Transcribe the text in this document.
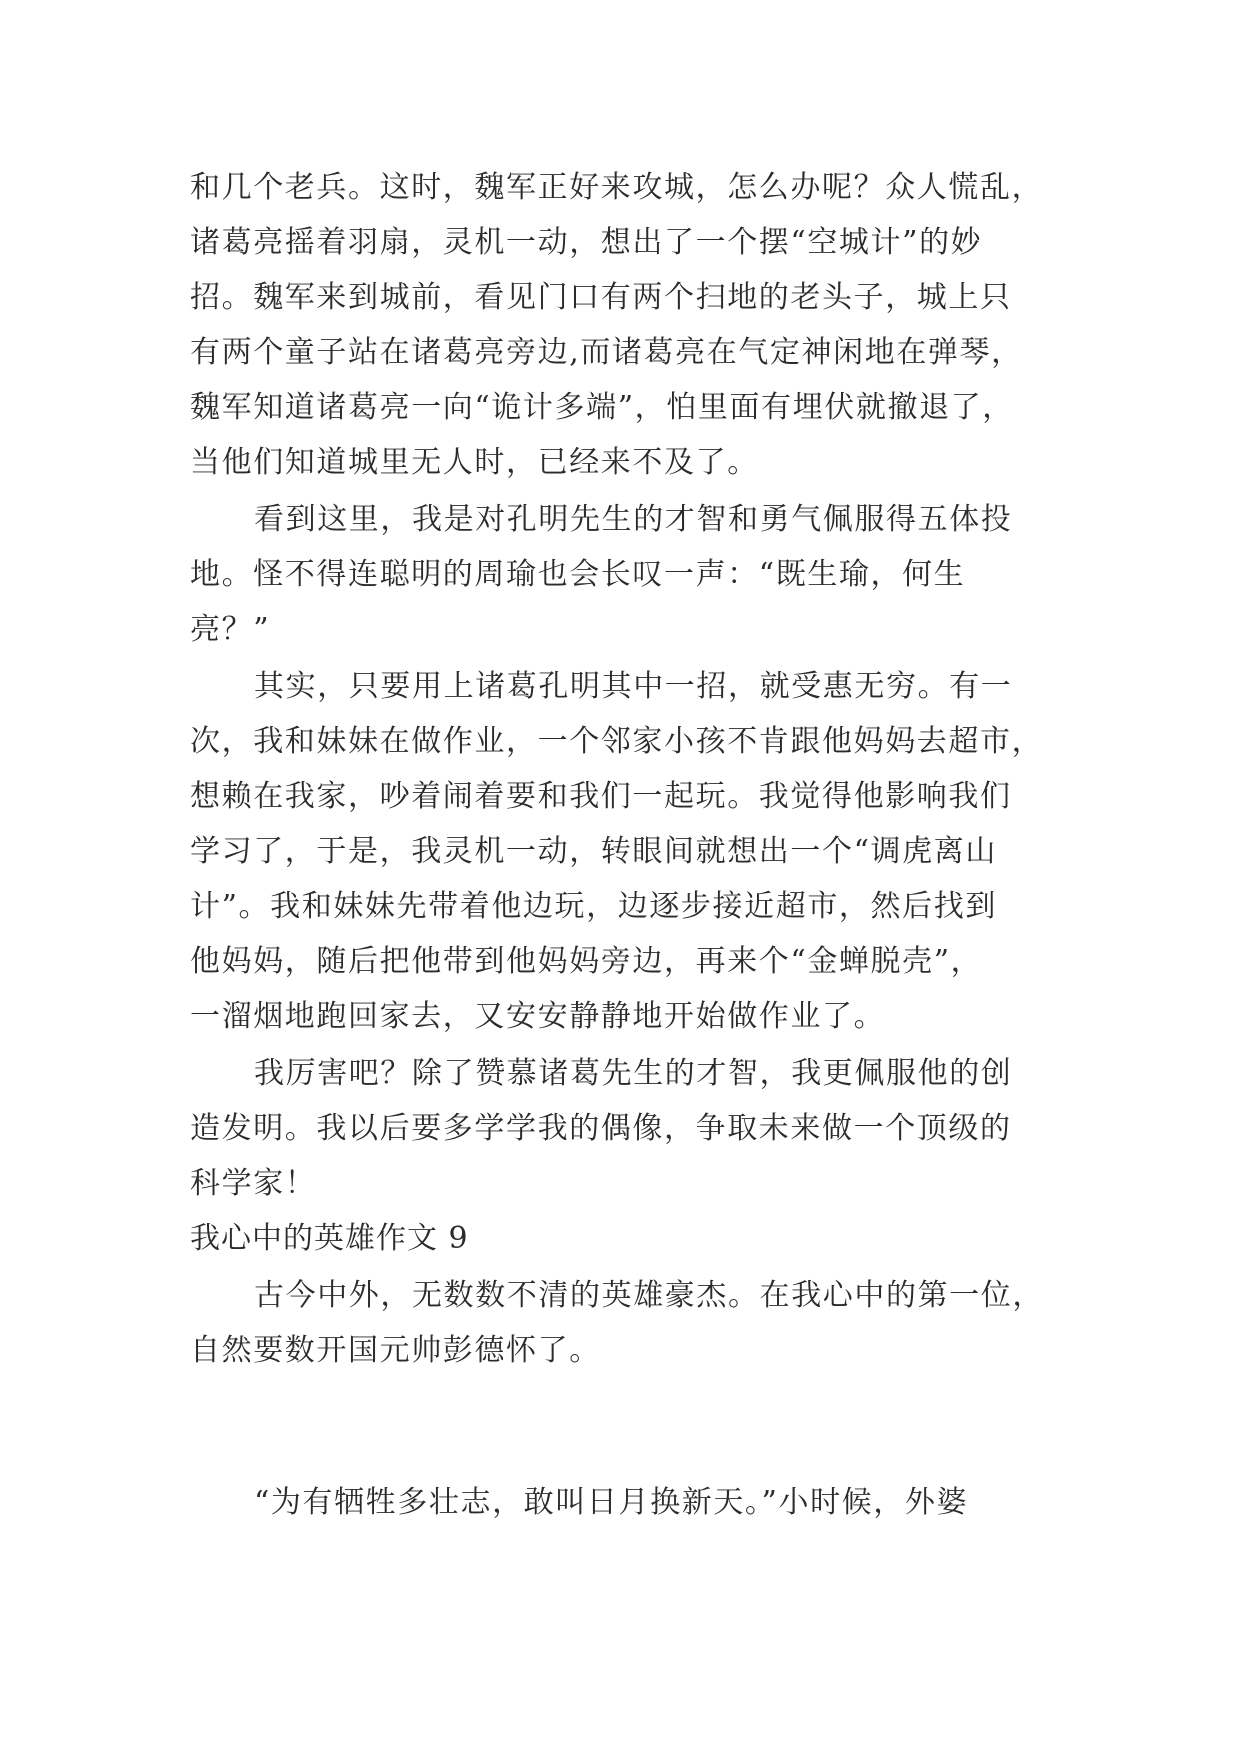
和几个老兵。这时，魏军正好来攻城，怎么办呢？众人慌乱，
诸葛亮摇着羽扇，灵机一动，想出了一个摆“空城计”的妙
招。魏军来到城前，看见门口有两个扫地的老头子，城上只
有两个童子站在诸葛亮旁边,而诸葛亮在气定神闲地在弹琴，
魏军知道诸葛亮一向“诡计多端”，怕里面有埋伏就撤退了，
当他们知道城里无人时，已经来不及了。
看到这里，我是对孔明先生的才智和勇气佩服得五体投
地。怪不得连聪明的周瑜也会长叹一声：“既生瑜，何生
亮？”
其实，只要用上诸葛孔明其中一招，就受惠无穷。有一
次，我和妹妹在做作业，一个邻家小孩不肯跟他妈妈去超市，
想赖在我家，吵着闹着要和我们一起玩。我觉得他影响我们
学习了，于是，我灵机一动，转眼间就想出一个“调虎离山
计”。我和妹妹先带着他边玩，边逐步接近超市，然后找到
他妈妈，随后把他带到他妈妈旁边，再来个“金蝉脱壳”，
一溜烟地跑回家去，又安安静静地开始做作业了。
我厉害吧？除了赞慕诸葛先生的才智，我更佩服他的创
造发明。我以后要多学学我的偶像，争取未来做一个顶级的
科学家！
我心中的英雄作文 9
古今中外，无数数不清的英雄豪杰。在我心中的第一位，
自然要数开国元帅彭德怀了。
“为有牺牲多壮志，敢叫日月换新天。”小时候，外婆
